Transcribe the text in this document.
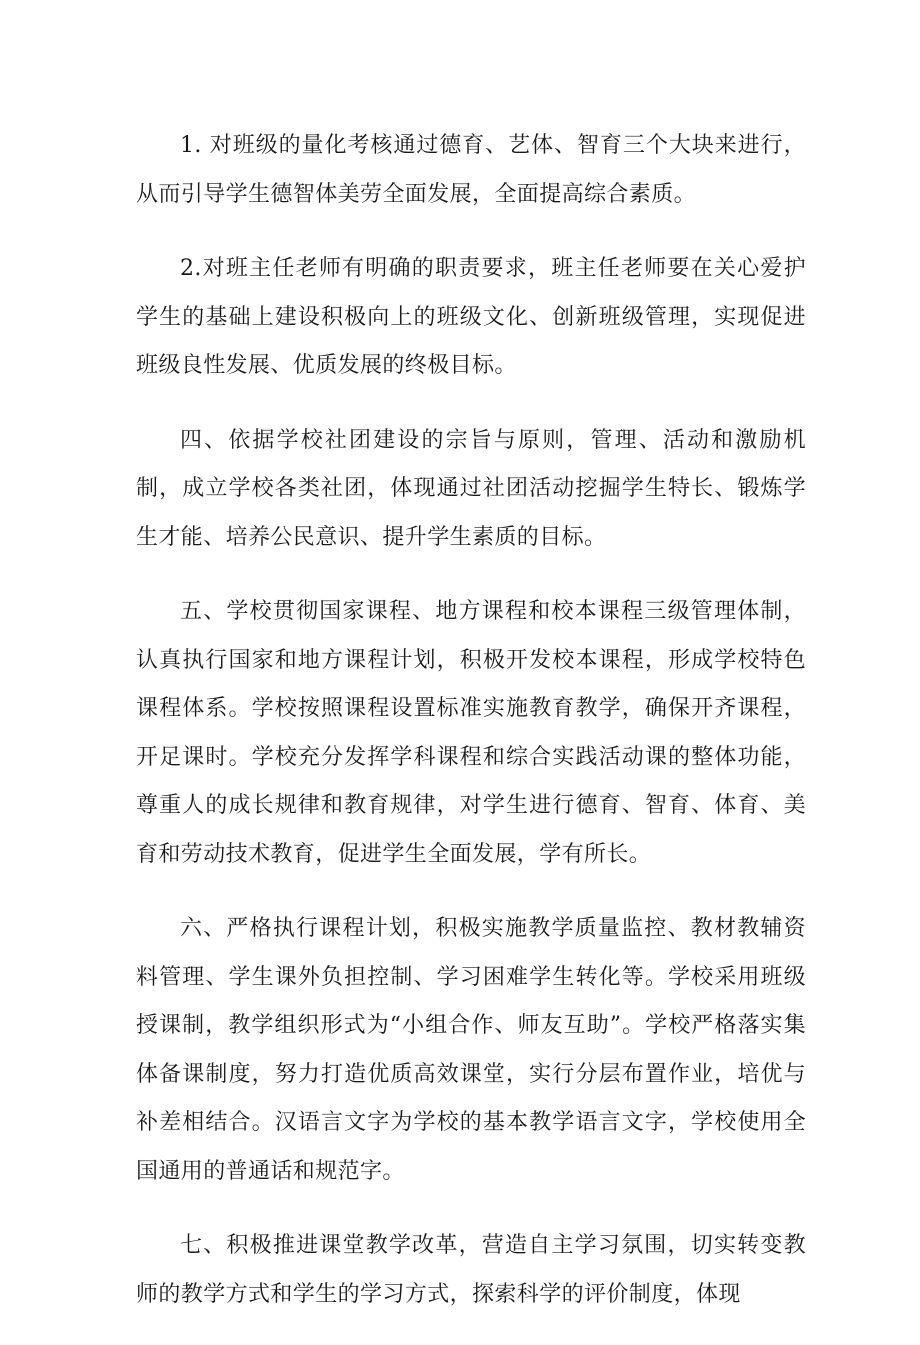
1. 对班级的量化考核通过德育、艺体、智育三个大块来进行，从而引导学生德智体美劳全面发展，全面提高综合素质。

2.对班主任老师有明确的职责要求，班主任老师要在关心爱护学生的基础上建设积极向上的班级文化、创新班级管理，实现促进班级良性发展、优质发展的终极目标。

四、依据学校社团建设的宗旨与原则，管理、活动和激励机制，成立学校各类社团，体现通过社团活动挖掘学生特长、锻炼学生才能、培养公民意识、提升学生素质的目标。

五、学校贯彻国家课程、地方课程和校本课程三级管理体制，认真执行国家和地方课程计划，积极开发校本课程，形成学校特色课程体系。学校按照课程设置标准实施教育教学，确保开齐课程，开足课时。学校充分发挥学科课程和综合实践活动课的整体功能，尊重人的成长规律和教育规律，对学生进行德育、智育、体育、美育和劳动技术教育，促进学生全面发展，学有所长。

六、严格执行课程计划，积极实施教学质量监控、教材教辅资料管理、学生课外负担控制、学习困难学生转化等。学校采用班级授课制，教学组织形式为“小组合作、师友互助”。学校严格落实集体备课制度，努力打造优质高效课堂，实行分层布置作业，培优与补差相结合。汉语言文字为学校的基本教学语言文字，学校使用全国通用的普通话和规范字。

七、积极推进课堂教学改革，营造自主学习氛围，切实转变教师的教学方式和学生的学习方式，探索科学的评价制度，体现
